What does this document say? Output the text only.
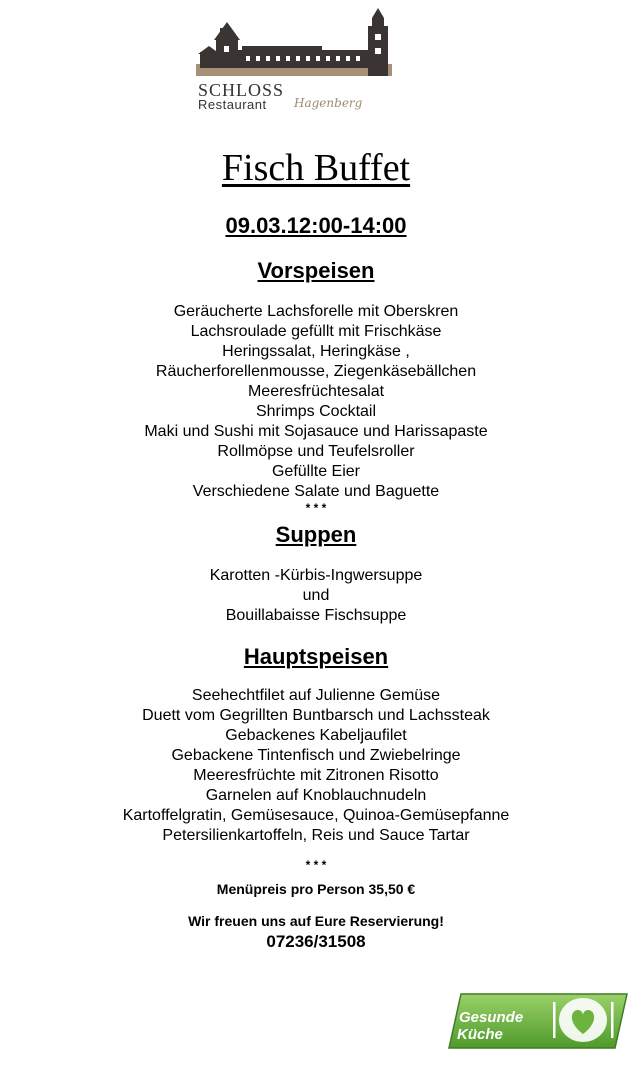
SCHLOSS
Restaurant Hagenberg
Fisch Buffet
09.03.12:00-14:00
Vorspeisen
Geräucherte Lachsforelle mit Oberskren
Lachsroulade gefüllt mit Frischkäse
Heringssalat, Heringkäse ,
Räucherforellenmousse, Ziegenkäsebällchen
Meeresfrüchtesalat
Shrimps Cocktail
Maki und Sushi mit Sojasauce und Harissapaste
Rollmöpse und Teufelsroller
Gefüllte Eier
Verschiedene Salate und Baguette
* * *
Suppen
Karotten -Kürbis-Ingwersuppe
und
Bouillabaisse Fischsuppe
Hauptspeisen
Seehechtfilet auf Julienne Gemüse
Duett vom Gegrillten Buntbarsch und Lachssteak
Gebackenes Kabeljaufilet
Gebackene Tintenfisch und Zwiebelringe
Meeresfrüchte mit Zitronen Risotto
Garnelen auf Knoblauchnudeln
Kartoffelgratin, Gemüsesauce, Quinoa-Gemüsepfanne
Petersilienkartoffeln, Reis und Sauce Tartar
* * *
Menüpreis pro Person 35,50 €
Wir freuen uns auf Eure Reservierung!
07236/31508
Gesunde
Küche
